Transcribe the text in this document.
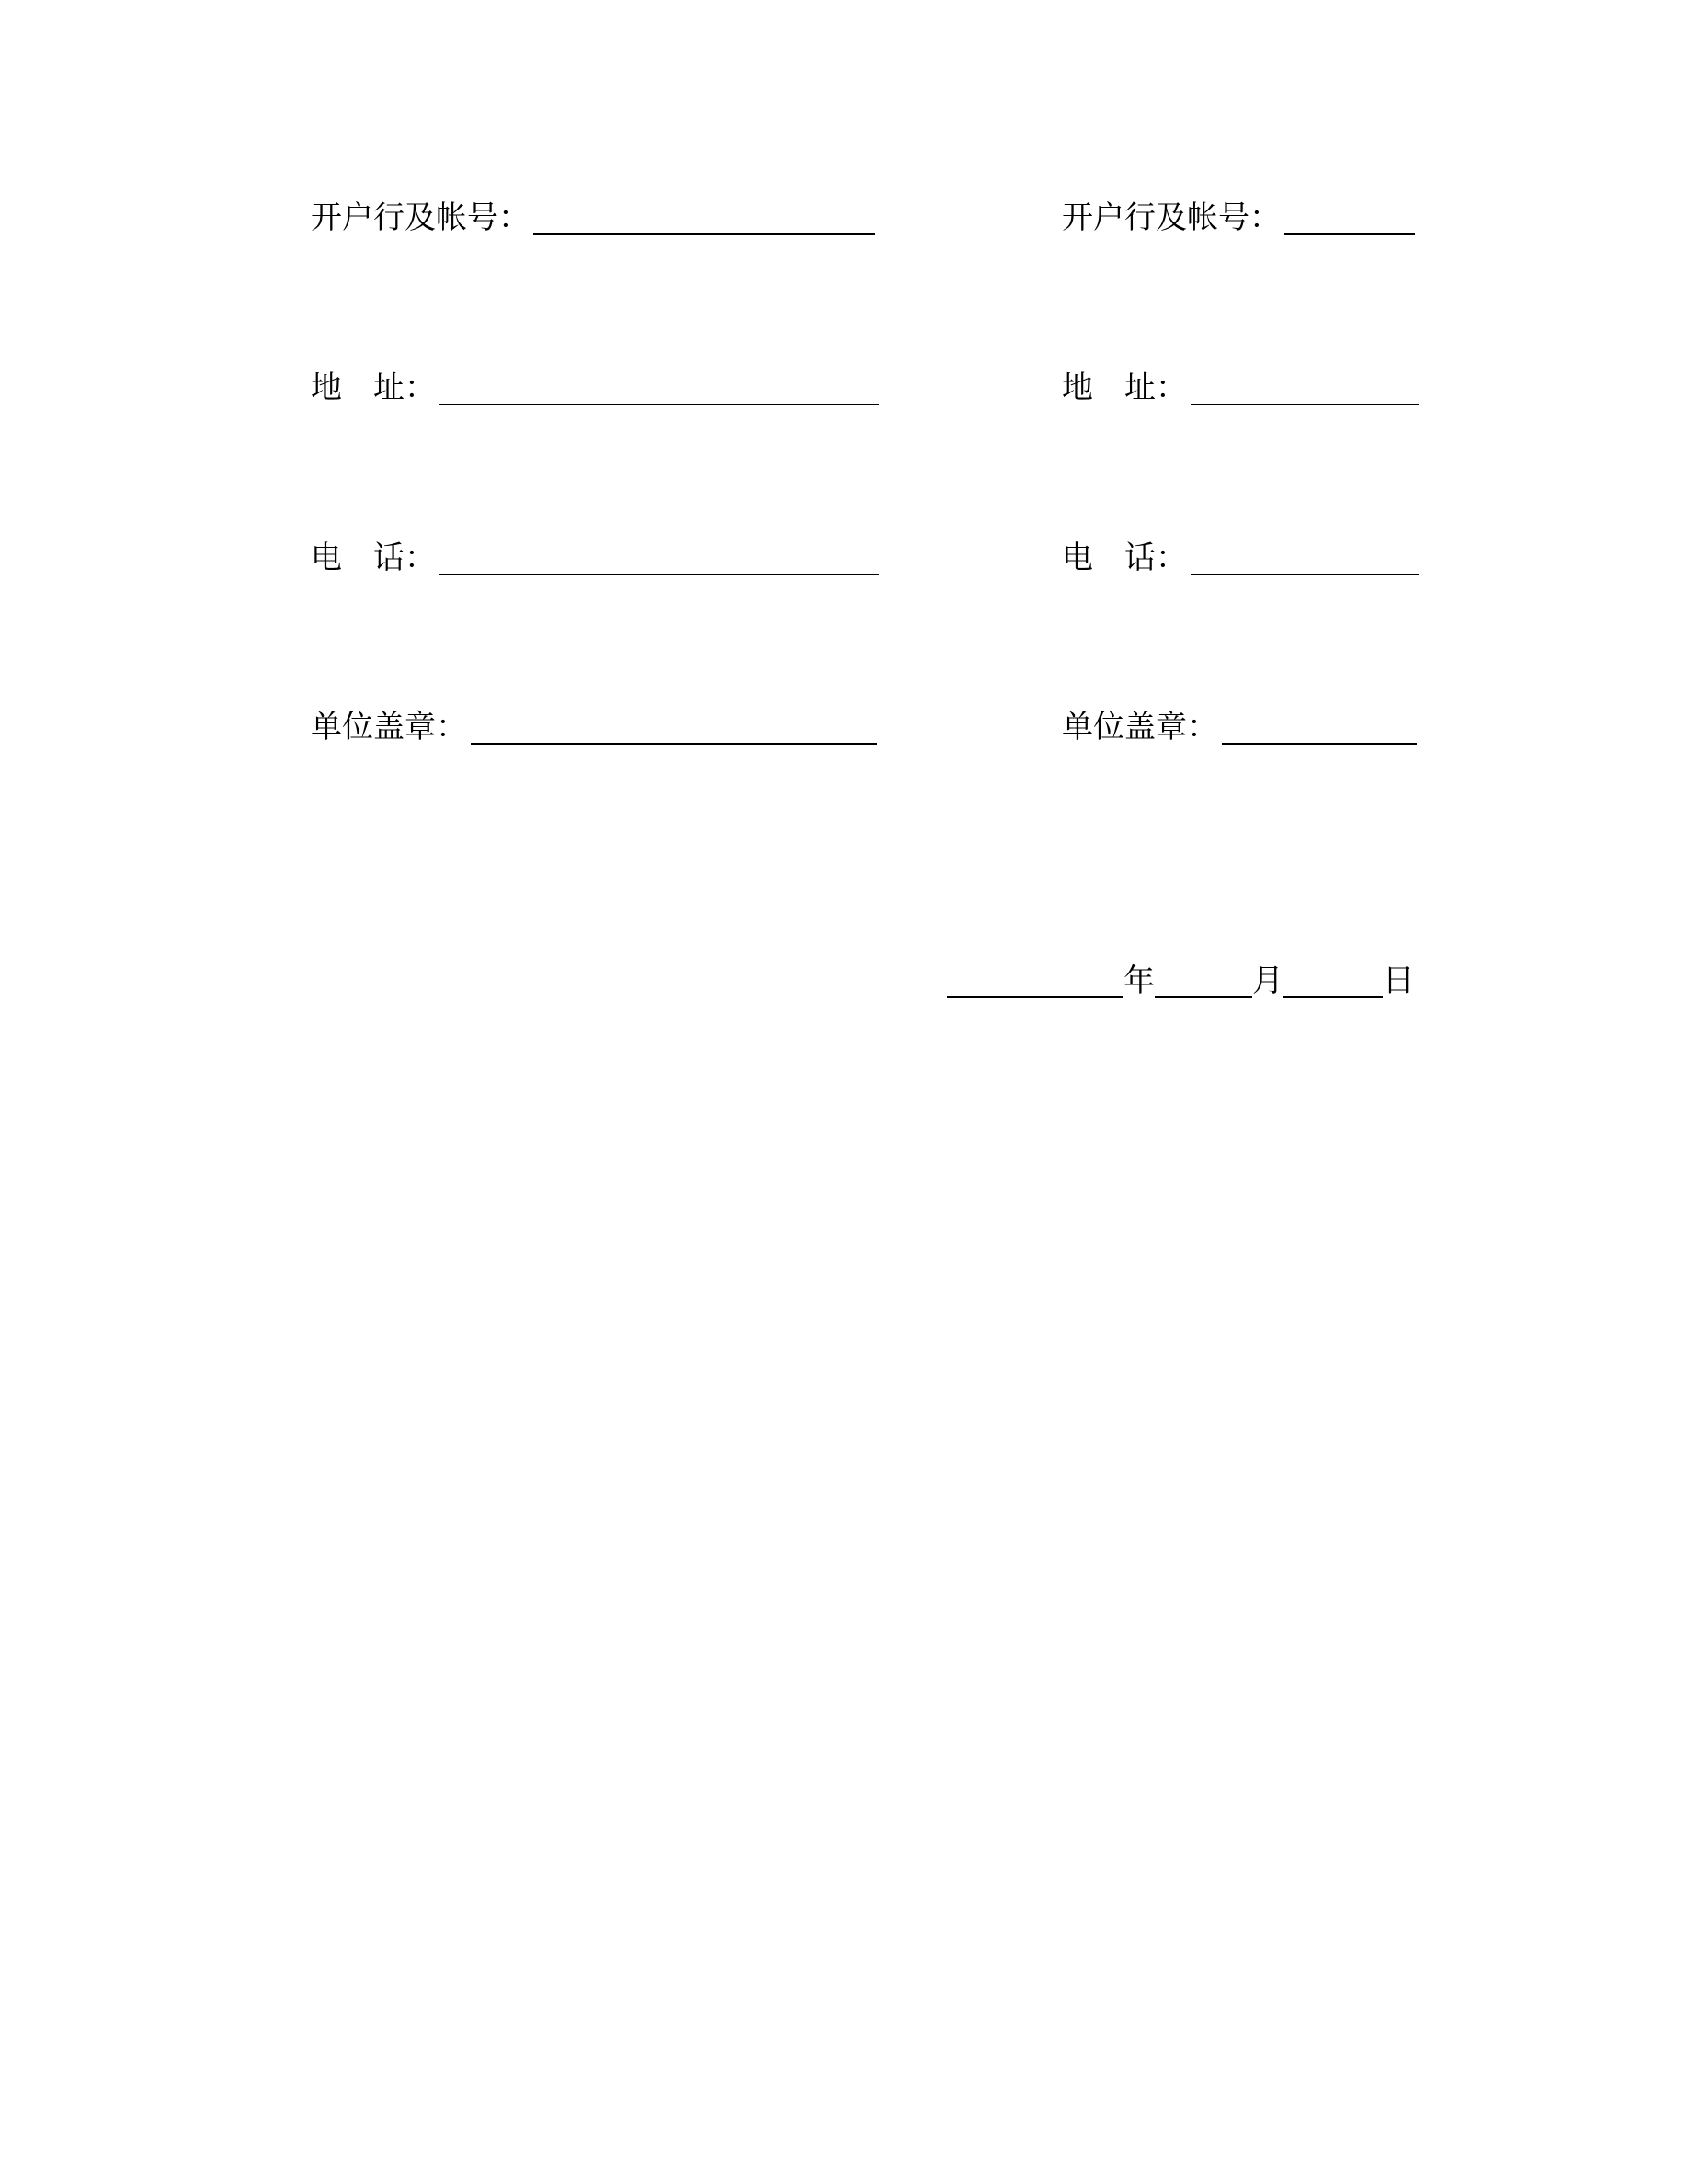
开户行及帐号：
地　址：
电　话：
单位盖章：
开户行及帐号：
地　址：
电　话：
单位盖章：
年	月	日
